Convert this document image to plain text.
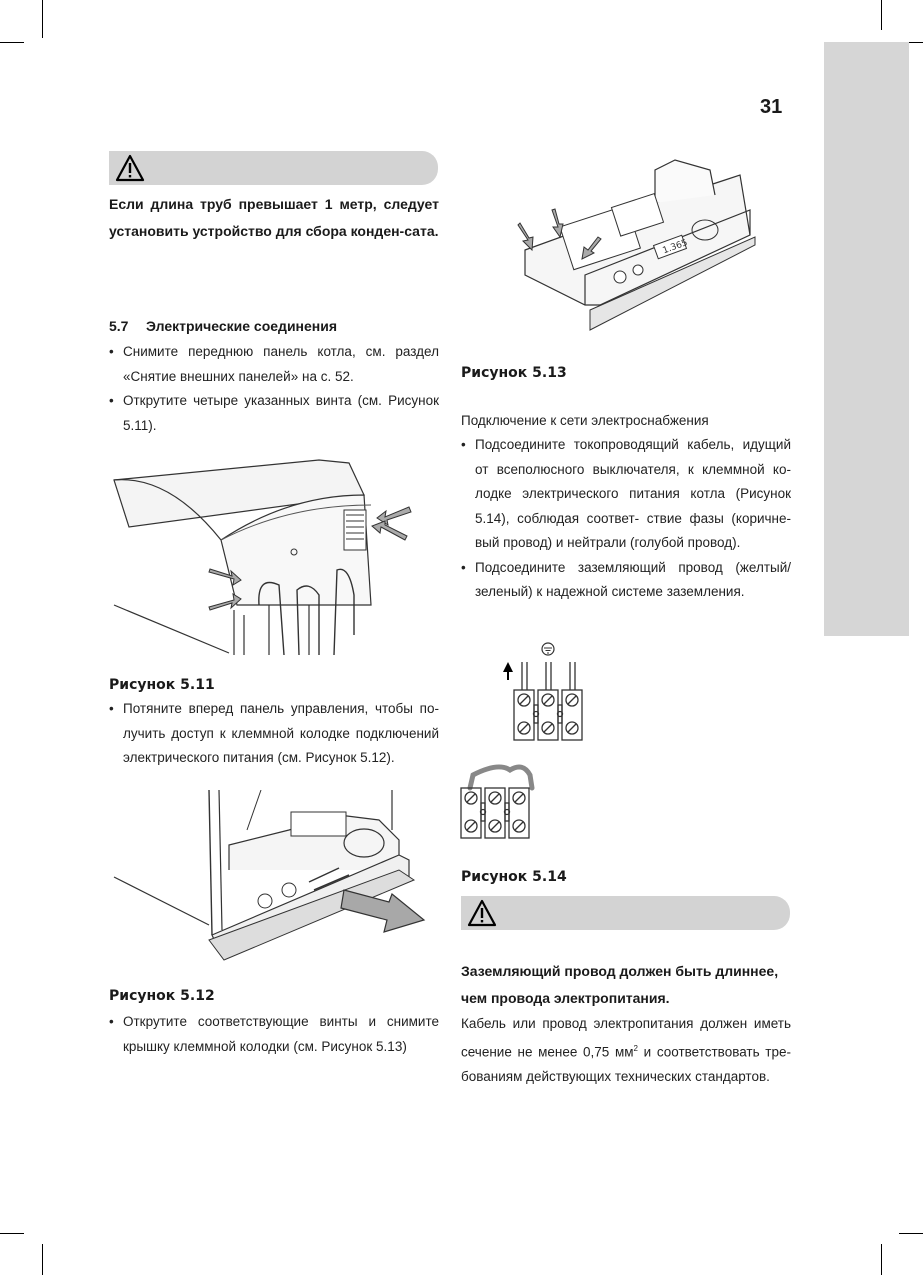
31
Если длина труб превышает 1 метр, следует установить устройство для сбора конден-сата.
5.7 Электрические соединения
• Снимите переднюю панель котла, см. раздел «Снятие внешних панелей» на с. 52.
• Открутите четыре указанных винта (см. Рисунок 5.11).
Рисунок 5.11
• Потяните вперед панель управления, чтобы по-лучить доступ к клеммной колодке подключений электрического питания (см. Рисунок 5.12).
Рисунок 5.12
• Открутите соответствующие винты и снимите крышку клеммной колодки (см. Рисунок 5.13)
1.365
Рисунок 5.13
Подключение к сети электроснабжения
• Подсоедините токопроводящий кабель, идущий от всеполюсного выключателя, к клеммной ко-лодке электрического питания котла (Рисунок 5.14), соблюдая соответ- ствие фазы (коричне-вый провод) и нейтрали (голубой провод).
• Подсоедините заземляющий провод (желтый/ зеленый) к надежной системе заземления.
Рисунок 5.14
Заземляющий провод должен быть длиннее,
чем провода электропитания.
Кабель или провод электропитания должен иметь сечение не менее 0,75 $мм^2$ и соответствовать тре-бованиям действующих технических стандартов.
